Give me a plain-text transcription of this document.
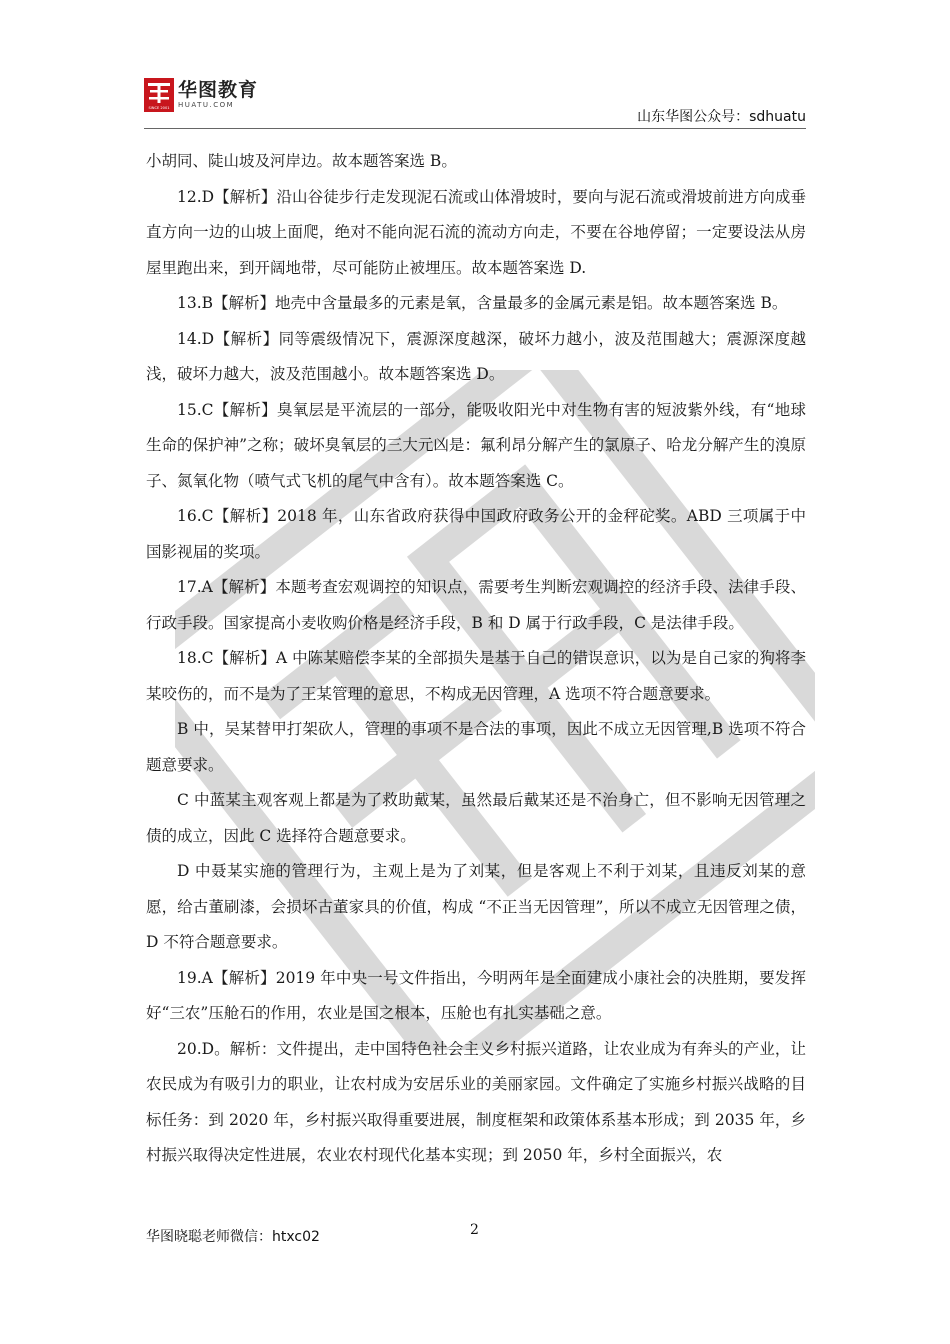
SINCE 2001
华图教育
HUATU.COM
山东华图公众号：sdhuatu

小胡同、陡山坡及河岸边。故本题答案选 B。

12.D【解析】沿山谷徒步行走发现泥石流或山体滑坡时，要向与泥石流或滑坡前进方向成垂直方向一边的山坡上面爬，绝对不能向泥石流的流动方向走，不要在谷地停留；一定要设法从房屋里跑出来，到开阔地带，尽可能防止被埋压。故本题答案选 D.

13.B【解析】地壳中含量最多的元素是氧，含量最多的金属元素是铝。故本题答案选 B。

14.D【解析】同等震级情况下，震源深度越深，破坏力越小，波及范围越大；震源深度越浅，破坏力越大，波及范围越小。故本题答案选 D。

15.C【解析】臭氧层是平流层的一部分，能吸收阳光中对生物有害的短波紫外线，有“地球生命的保护神”之称；破坏臭氧层的三大元凶是：氟利昂分解产生的氯原子、哈龙分解产生的溴原子、氮氧化物（喷气式飞机的尾气中含有）。故本题答案选 C。

16.C【解析】2018 年，山东省政府获得中国政府政务公开的金秤砣奖。ABD 三项属于中国影视届的奖项。

17.A【解析】本题考查宏观调控的知识点，需要考生判断宏观调控的经济手段、法律手段、行政手段。国家提高小麦收购价格是经济手段，B 和 D 属于行政手段，C 是法律手段。

18.C【解析】A 中陈某赔偿李某的全部损失是基于自己的错误意识，以为是自己家的狗将李某咬伤的，而不是为了王某管理的意思，不构成无因管理，A 选项不符合题意要求。

B 中，吴某替甲打架砍人，管理的事项不是合法的事项，因此不成立无因管理,B 选项不符合题意要求。

C 中蓝某主观客观上都是为了救助戴某，虽然最后戴某还是不治身亡，但不影响无因管理之债的成立，因此 C 选择符合题意要求。

D 中聂某实施的管理行为，主观上是为了刘某，但是客观上不利于刘某，且违反刘某的意愿，给古董刷漆，会损坏古董家具的价值，构成 “不正当无因管理”，所以不成立无因管理之债，D 不符合题意要求。

19.A【解析】2019 年中央一号文件指出，今明两年是全面建成小康社会的决胜期，要发挥好“三农”压舱石的作用，农业是国之根本，压舱也有扎实基础之意。

20.D。解析：文件提出，走中国特色社会主义乡村振兴道路，让农业成为有奔头的产业，让农民成为有吸引力的职业，让农村成为安居乐业的美丽家园。文件确定了实施乡村振兴战略的目标任务：到 2020 年，乡村振兴取得重要进展，制度框架和政策体系基本形成；到 2035 年，乡村振兴取得决定性进展，农业农村现代化基本实现；到 2050 年，乡村全面振兴，农

华图晓聪老师微信：htxc02	2
